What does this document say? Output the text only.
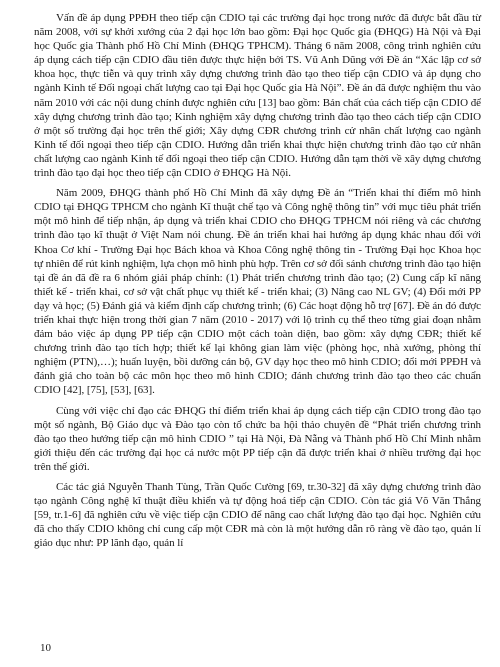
Vấn đề áp dụng PPĐH theo tiếp cận CDIO tại các trường đại học trong nước đã được bắt đầu từ năm 2008, với sự khởi xướng của 2 đại học lớn bao gồm: Đại học Quốc gia (ĐHQG) Hà Nội và Đại học Quốc gia Thành phố Hồ Chí Minh (ĐHQG TPHCM). Tháng 6 năm 2008, công trình nghiên cứu áp dụng cách tiếp cận CDIO đầu tiên được thực hiện bởi TS. Vũ Anh Dũng với Đề án “Xác lập cơ sở khoa học, thực tiễn và quy trình xây dựng chương trình đào tạo theo tiếp cận CDIO và áp dụng cho ngành Kinh tế Đối ngoại chất lượng cao tại Đại học Quốc gia Hà Nội”. Đề án đã được nghiệm thu vào năm 2010 với các nội dung chính được nghiên cứu [13] bao gồm: Bản chất của cách tiếp cận CDIO để xây dựng chương trình đào tạo; Kinh nghiệm xây dựng chương trình đào tạo theo cách tiếp cận CDIO ở một số trường đại học trên thế giới; Xây dựng CĐR chương trình cử nhân chất lượng cao ngành Kinh tế đối ngoại theo tiếp cận CDIO. Hướng dẫn triển khai thực hiện chương trình đào tạo cử nhân chất lượng cao ngành Kinh tế đối ngoại theo tiếp cận CDIO. Hướng dẫn tạm thời về xây dựng chương trình đào tạo đại học theo tiếp cận CDIO ở ĐHQG Hà Nội.

Năm 2009, ĐHQG thành phố Hồ Chí Minh đã xây dựng Đề án “Triển khai thí điểm mô hình CDIO tại ĐHQG TPHCM cho ngành Kĩ thuật chế tạo và Công nghệ thông tin” với mục tiêu phát triển một mô hình để tiếp nhận, áp dụng và triển khai CDIO cho ĐHQG TPHCM nói riêng và các chương trình đào tạo kĩ thuật ở Việt Nam nói chung. Đề án triển khai hai hướng áp dụng khác nhau đối với Khoa Cơ khí - Trường Đại học Bách khoa và Khoa Công nghệ thông tin - Trường Đại học Khoa học tự nhiên để rút kinh nghiệm, lựa chọn mô hình phù hợp. Trên cơ sở đối sánh chương trình đào tạo hiện tại đề án đã đề ra 6 nhóm giải pháp chính: (1) Phát triển chương trình đào tạo; (2) Cung cấp kĩ năng thiết kế - triển khai, cơ sở vật chất phục vụ thiết kế - triển khai; (3) Nâng cao NL GV; (4) Đổi mới PP dạy và học; (5) Đánh giá và kiểm định cấp chương trình; (6) Các hoạt động hỗ trợ [67]. Đề án đó được triển khai thực hiện trong thời gian 7 năm (2010 - 2017) với lộ trình cụ thể theo từng giai đoạn nhằm đảm bảo việc áp dụng PP tiếp cận CDIO một cách toàn diện, bao gồm: xây dựng CĐR; thiết kế chương trình đào tạo tích hợp; thiết kế lại không gian làm việc (phòng học, nhà xưởng, phòng thí nghiệm (PTN),…); huấn luyện, bồi dưỡng cán bộ, GV dạy học theo mô hình CDIO; đổi mới PPĐH và đánh giá cho toàn bộ các môn học theo mô hình CDIO; đánh chương trình đào tạo theo các chuẩn CDIO [42], [75], [53], [63].

Cùng với việc chỉ đạo các ĐHQG thí điểm triển khai áp dụng cách tiếp cận CDIO trong đào tạo một số ngành, Bộ Giáo dục và Đào tạo còn tổ chức ba hội thảo chuyên đề “Phát triển chương trình đào tạo theo hướng tiếp cận mô hình CDIO ” tại Hà Nội, Đà Nẵng và Thành phố Hồ Chí Minh nhằm giới thiệu đến các trường đại học cả nước một PP tiếp cận đã được triển khai ở nhiều trường đại học trên thế giới.

Các tác giả Nguyễn Thanh Tùng, Trần Quốc Cường [69, tr.30-32] đã xây dựng chương trình đào tạo ngành Công nghệ kĩ thuật điều khiển và tự động hoá tiếp cận CDIO. Còn tác giả Võ Văn Thắng [59, tr.1-6] đã nghiên cứu về việc tiếp cận CDIO để nâng cao chất lượng đào tạo đại học. Nghiên cứu đã cho thấy CDIO không chỉ cung cấp một CĐR mà còn là một hướng dẫn rõ ràng về đào tạo, quản lí giáo dục như: PP lãnh đạo, quản lí

10
